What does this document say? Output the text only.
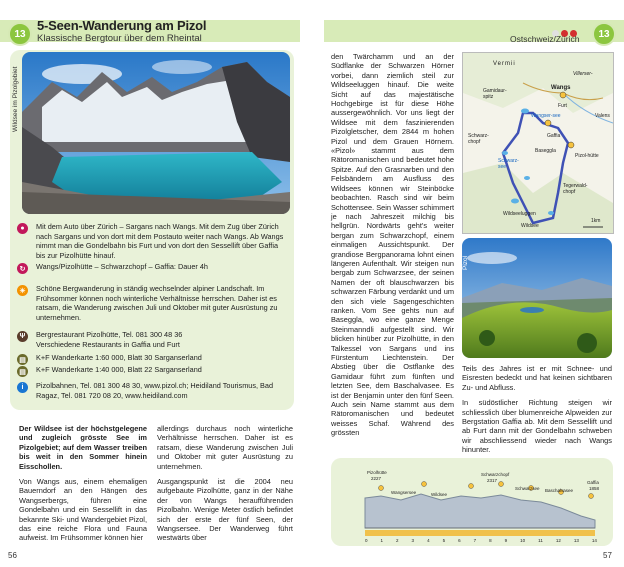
13
5-Seen-Wanderung am Pizol
Klassische Bergtour über dem Rheintal
Wildsee im Pizolgebiet
●	Mit dem Auto über Zürich – Sargans nach Wangs. Mit dem Zug über Zürich nach Sargans und von dort mit dem Postauto weiter nach Wangs. Ab Wangs nimmt man die Gondelbahn bis Furt und von dort den Sessellift über Gaffia bis zur Pizolhütte hinauf.
↻	Wangs/Pizolhütte – Schwarzchopf – Gaffia: Dauer 4h
☀	Schöne Bergwanderung in ständig wechselnder alpiner Landschaft. Im Frühsommer können noch winterliche Verhältnisse herrschen. Daher ist es ratsam, die Wanderung zwischen Juli und Oktober mit guter Ausrüstung zu unternehmen.
Ψ	Bergrestaurant Pizolhütte, Tel. 081 300 48 36
Verschiedene Restaurants in Gaffia und Furt
▤ K+F Wanderkarte 1:60 000, Blatt 30 Sarganserland
▤ K+F Wanderkarte 1:40 000, Blatt 22 Sarganserland
i	Pizolbahnen, Tel. 081 300 48 30, www.pizol.ch; Heidiland Tourismus, Bad Ragaz, Tel. 081 720 08 20, www.heidiland.com

Der Wildsee ist der höchstgelegene und zugleich grösste See im Pizolgebiet; auf dem Wasser treiben bis weit in den Sommer hinein Eisschollen.

Von Wangs aus, einem ehemaligen Bauerndorf an den Hängen des Wangserbergs, führen eine Gondelbahn und ein Sessellift in das bekannte Ski- und Wandergebiet Pizol, das eine reiche Flora und Fauna aufweist. Im Frühsommer können hier

allerdings durchaus noch winterliche Verhältnisse herrschen. Daher ist es ratsam, diese Wanderung zwischen Juli und Oktober mit guter Ausrüstung zu unternehmen.

Ausgangspunkt ist die 2004 neu aufgebaute Pizolhütte, ganz in der Nähe der von Wangs heraufführenden Pizolbahn. Wenige Meter östlich befindet sich der erste der fünf Seen, der Wangsersee. Der Wanderweg führt westwärts über

56
Ostschweiz/Zürich	13

den Twärchamm und an der Südflanke der Schwarzen Hörner vorbei, dann ziemlich steil zur Wildseeluggen hinauf. Die weite Sicht auf das majestätische Hochgebirge ist für diese Höhe aussergewöhnlich. Vor uns liegt der Wildsee mit dem faszinierenden Pizolgletscher, dem 2844 m hohen Pizol und dem Grauen Hörnern. «Pizol» stammt aus dem Rätoromanischen und bedeutet hohe Spitze. Auf den Grasnarben und den Felsbändern am Ausfluss des Wildsees können wir Steinböcke beobachten. Rasch sind wir beim Schottensee. Sein Wasser schimmert je nach Jahreszeit milchig bis hellgrün. Nordwärts geht's weiter bergan zum Schwarzchopf, einem einmaligen Aussichtspunkt. Der grandiose Bergpanorama lohnt einen längeren Aufenthalt. Wir steigen nun bergab zum Schwarzsee, der seinen Namen der oft blauschwarzen bis schwarzen Färbung verdankt und um den sich viele Sagengeschichten ranken. Vom See gehts nun auf Baseggla, wo eine ganze Menge Steinmanndli aufgestellt sind. Wir blicken hinüber zur Pizolhütte, in den Talkessel von Sargans und ins Fürstentum Liechtenstein. Der Abstieg über die Ostflanke des Gamidaur führt zum fünften und letzten See, dem Baschalvasee. Es ist der Benjamin unter den fünf Seen. Auch sein Name stammt aus dem Rätoromanischen und bedeutet weisses Schaf. Während des grössten

Vermii
Wangs
Villerser-
Gamidaur-spitz
Furt
Wangser-see
Gaffia
Pizol-hütte
Schwarz-chopf
Baseggla
Schwarz-see
Tegerwald-chopf
Wildseeluggen
Wildsee
Valens
1km
Pizol

Teils des Jahres ist er mit Schnee- und Eisresten bedeckt und hat keinen sichtbaren Zu- und Abfluss.

In südöstlicher Richtung steigen wir schliesslich über blumenreiche Alpweiden zur Bergstation Gaffia ab. Mit dem Sessellift und ab Furt dann mit der Gondelbahn schweben wir abschliessend wieder nach Wangs hinunter.

Pizolhütte
2227
Wangsersee	Wildsee
Schwarzchopf
2317
Schwarzsee Baschalvasee
Gaffia
1858
0	1	2	3	4	5	6	7	8	9	10	11	12	13	14
57
